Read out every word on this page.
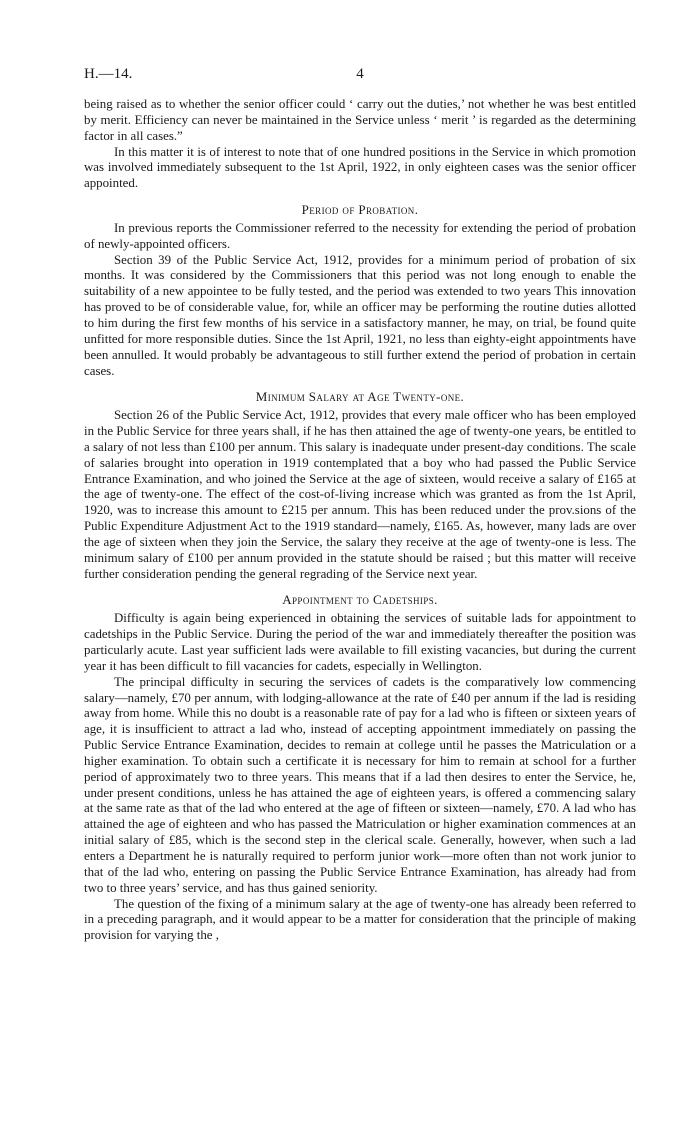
H.—14.	4

being raised as to whether the senior officer could ‘ carry out the duties,’ not whether he was best entitled by merit. Efficiency can never be maintained in the Service unless ‘ merit ’ is regarded as the determining factor in all cases.”

In this matter it is of interest to note that of one hundred positions in the Service in which promotion was involved immediately subsequent to the 1st April, 1922, in only eighteen cases was the senior officer appointed.

Period of Probation.

In previous reports the Commissioner referred to the necessity for extending the period of probation of newly-appointed officers.

Section 39 of the Public Service Act, 1912, provides for a minimum period of probation of six months. It was considered by the Commissioners that this period was not long enough to enable the suitability of a new appointee to be fully tested, and the period was extended to two years This innovation has proved to be of considerable value, for, while an officer may be performing the routine duties allotted to him during the first few months of his service in a satisfactory manner, he may, on trial, be found quite unfitted for more responsible duties. Since the 1st April, 1921, no less than eighty-eight appointments have been annulled. It would probably be advantageous to still further extend the period of probation in certain cases.

Minimum Salary at Age Twenty-one.

Section 26 of the Public Service Act, 1912, provides that every male officer who has been employed in the Public Service for three years shall, if he has then attained the age of twenty-one years, be entitled to a salary of not less than £100 per annum. This salary is inadequate under present-day conditions. The scale of salaries brought into operation in 1919 contemplated that a boy who had passed the Public Service Entrance Examination, and who joined the Service at the age of sixteen, would receive a salary of £165 at the age of twenty-one. The effect of the cost-of-living increase which was granted as from the 1st April, 1920, was to increase this amount to £215 per annum. This has been reduced under the prov.sions of the Public Expenditure Adjustment Act to the 1919 standard—namely, £165. As, however, many lads are over the age of sixteen when they join the Service, the salary they receive at the age of twenty-one is less. The minimum salary of £100 per annum provided in the statute should be raised ; but this matter will receive further consideration pending the general regrading of the Service next year.

Appointment to Cadetships.

Difficulty is again being experienced in obtaining the services of suitable lads for appointment to cadetships in the Public Service. During the period of the war and immediately thereafter the position was particularly acute. Last year sufficient lads were available to fill existing vacancies, but during the current year it has been difficult to fill vacancies for cadets, especially in Wellington.

The principal difficulty in securing the services of cadets is the comparatively low commencing salary—namely, £70 per annum, with lodging-allowance at the rate of £40 per annum if the lad is residing away from home. While this no doubt is a reasonable rate of pay for a lad who is fifteen or sixteen years of age, it is insufficient to attract a lad who, instead of accepting appointment immediately on passing the Public Service Entrance Examination, decides to remain at college until he passes the Matriculation or a higher examination. To obtain such a certificate it is necessary for him to remain at school for a further period of approximately two to three years. This means that if a lad then desires to enter the Service, he, under present conditions, unless he has attained the age of eighteen years, is offered a commencing salary at the same rate as that of the lad who entered at the age of fifteen or sixteen—namely, £70. A lad who has attained the age of eighteen and who has passed the Matriculation or higher examination commences at an initial salary of £85, which is the second step in the clerical scale. Generally, however, when such a lad enters a Department he is naturally required to perform junior work—more often than not work junior to that of the lad who, entering on passing the Public Service Entrance Examination, has already had from two to three years’ service, and has thus gained seniority.

The question of the fixing of a minimum salary at the age of twenty-one has already been referred to in a preceding paragraph, and it would appear to be a matter for consideration that the principle of making provision for varying the ,
